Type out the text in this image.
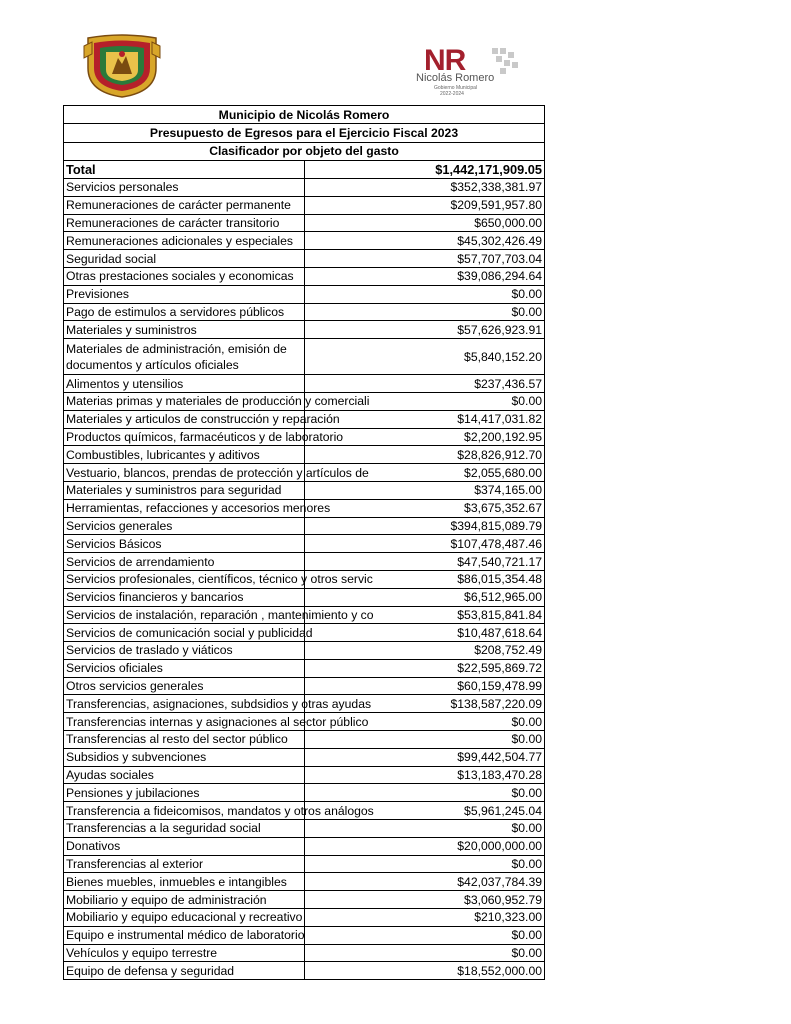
NR
Nicolás Romero
Gobierno Municipal
2022-2024
Municipio de Nicolás Romero	
Presupuesto de Egresos para el Ejercicio Fiscal 2023	
Clasificador por objeto del gasto	
Total	$1,442,171,909.05
Servicios personales	$352,338,381.97
Remuneraciones de carácter permanente	$209,591,957.80
Remuneraciones de carácter transitorio	$650,000.00
Remuneraciones adicionales y especiales	$45,302,426.49
Seguridad social	$57,707,703.04
Otras prestaciones sociales y economicas	$39,086,294.64
Previsiones	$0.00
Pago de estimulos a servidores públicos	$0.00
Materiales y suministros	$57,626,923.91
Materiales de administración, emisión de documentos y artículos oficiales	$5,840,152.20
Alimentos y utensilios	$237,436.57
Materias primas y materiales de producción y comerciali	$0.00
Materiales y articulos de construcción y reparación	$14,417,031.82
Productos químicos, farmacéuticos y de laboratorio	$2,200,192.95
Combustibles, lubricantes y aditivos	$28,826,912.70
Vestuario, blancos, prendas de protección y artículos de	$2,055,680.00
Materiales y suministros para seguridad	$374,165.00
Herramientas, refacciones y accesorios menores	$3,675,352.67
Servicios generales	$394,815,089.79
Servicios Básicos	$107,478,487.46
Servicios de arrendamiento	$47,540,721.17
Servicios profesionales, científicos, técnico y otros servic	$86,015,354.48
Servicios financieros y bancarios	$6,512,965.00
Servicios de instalación, reparación , mantenimiento y co	$53,815,841.84
Servicios de comunicación social y publicidad	$10,487,618.64
Servicios de traslado y viáticos	$208,752.49
Servicios oficiales	$22,595,869.72
Otros servicios generales	$60,159,478.99
Transferencias, asignaciones, subdsidios y otras ayudas	$138,587,220.09
Transferencias internas y asignaciones al sector público	$0.00
Transferencias al resto del sector público	$0.00
Subsidios y subvenciones	$99,442,504.77
Ayudas sociales	$13,183,470.28
Pensiones y jubilaciones	$0.00
Transferencia a fideicomisos, mandatos y otros análogos	$5,961,245.04
Transferencias a la seguridad social	$0.00
Donativos	$20,000,000.00
Transferencias al exterior	$0.00
Bienes muebles, inmuebles e intangibles	$42,037,784.39
Mobiliario y equipo de administración	$3,060,952.79
Mobiliario y equipo educacional y recreativo	$210,323.00
Equipo e instrumental médico de laboratorio	$0.00
Vehículos y equipo terrestre	$0.00
Equipo de defensa y seguridad	$18,552,000.00
